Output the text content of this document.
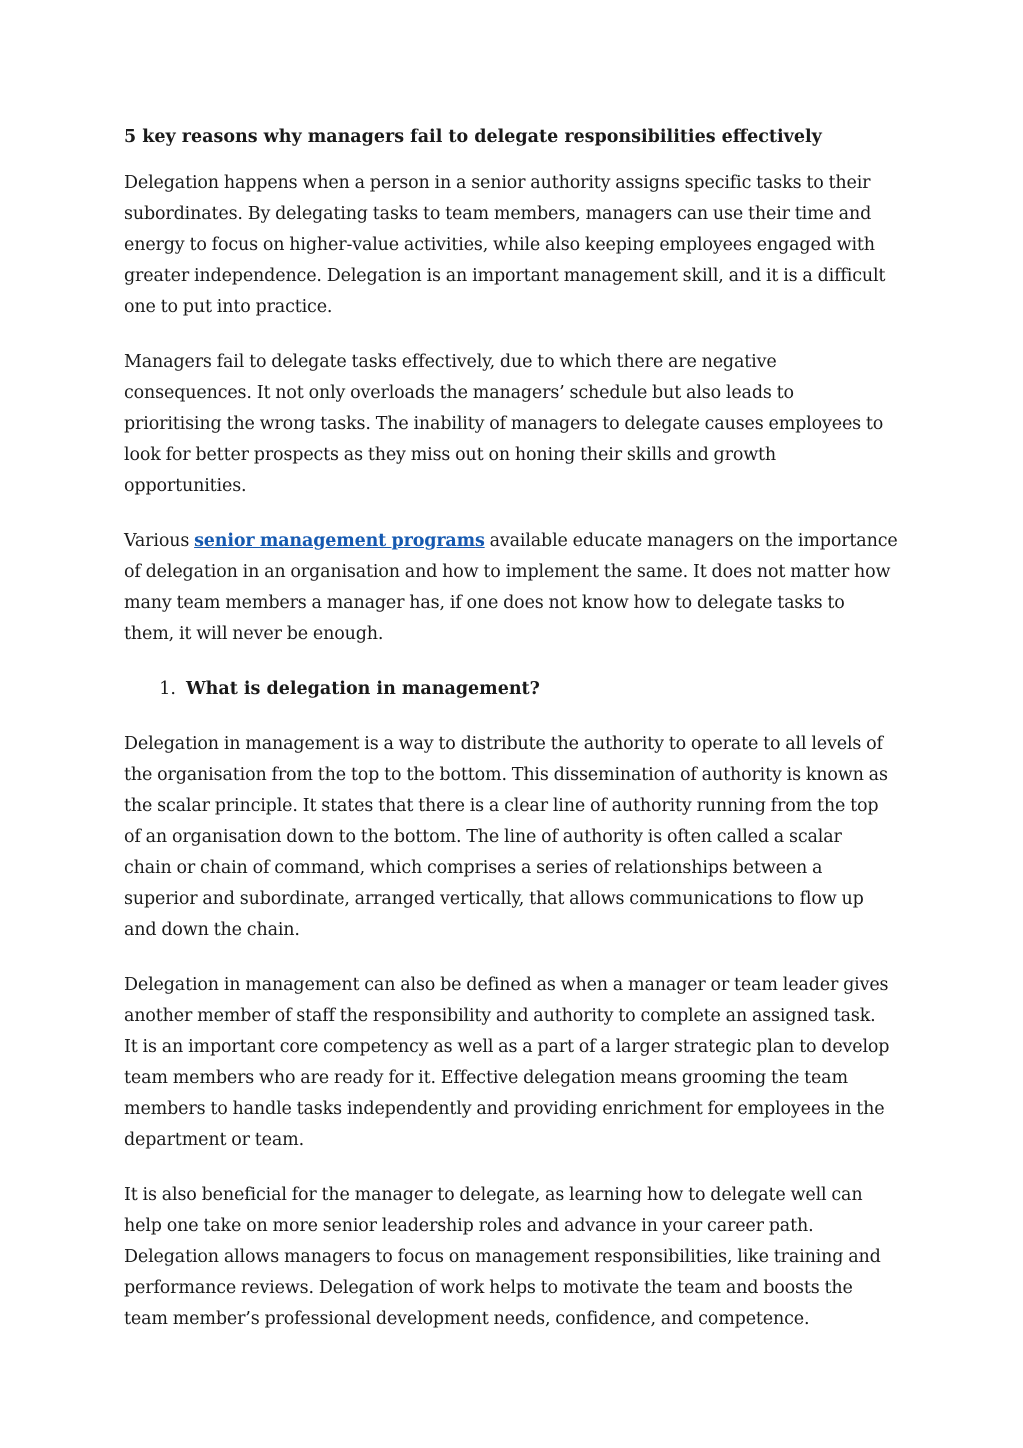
5 key reasons why managers fail to delegate responsibilities effectively

Delegation happens when a person in a senior authority assigns specific tasks to their
subordinates. By delegating tasks to team members, managers can use their time and
energy to focus on higher-value activities, while also keeping employees engaged with
greater independence. Delegation is an important management skill, and it is a difficult
one to put into practice.

Managers fail to delegate tasks effectively, due to which there are negative
consequences. It not only overloads the managers’ schedule but also leads to
prioritising the wrong tasks. The inability of managers to delegate causes employees to
look for better prospects as they miss out on honing their skills and growth
opportunities.

Various senior management programs available educate managers on the importance
of delegation in an organisation and how to implement the same. It does not matter how
many team members a manager has, if one does not know how to delegate tasks to
them, it will never be enough.

1. What is delegation in management?

Delegation in management is a way to distribute the authority to operate to all levels of
the organisation from the top to the bottom. This dissemination of authority is known as
the scalar principle. It states that there is a clear line of authority running from the top
of an organisation down to the bottom. The line of authority is often called a scalar
chain or chain of command, which comprises a series of relationships between a
superior and subordinate, arranged vertically, that allows communications to flow up
and down the chain.

Delegation in management can also be defined as when a manager or team leader gives
another member of staff the responsibility and authority to complete an assigned task.
It is an important core competency as well as a part of a larger strategic plan to develop
team members who are ready for it. Effective delegation means grooming the team
members to handle tasks independently and providing enrichment for employees in the
department or team.

It is also beneficial for the manager to delegate, as learning how to delegate well can
help one take on more senior leadership roles and advance in your career path.
Delegation allows managers to focus on management responsibilities, like training and
performance reviews. Delegation of work helps to motivate the team and boosts the
team member’s professional development needs, confidence, and competence.
